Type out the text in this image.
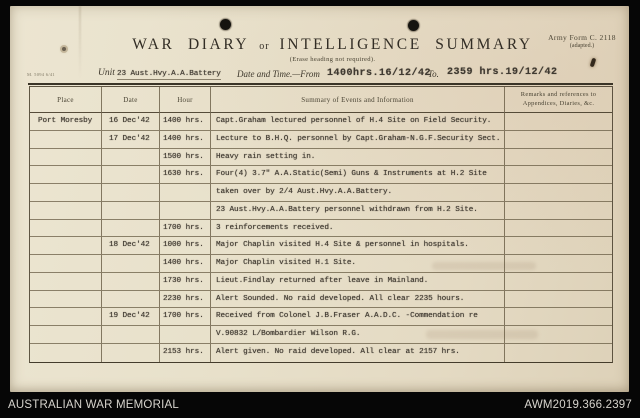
Army Form C. 2118
(adapted.)
WAR DIARY or INTELLIGENCE SUMMARY
(Erase heading not required).
M. 5094 6/41	Unit 23 Aust.Hvy.A.A.Battery Date and Time.—From 1400hrs.16/12/42
To. 2359 hrs.19/12/42
Place	Date	Hour	Summary of Events and Information
Remarks and references to Appendices, Diaries, &c.
Port Moresby	16 Dec'42	1400 hrs.	Capt.Graham lectured personnel of H.4 Site on Field Security.
17 Dec'42	1400 hrs.	Lecture to B.H.Q. personnel by Capt.Graham-N.G.F.Security Sect.
1500 hrs.	Heavy rain setting in.
1630 hrs.	Four(4) 3.7" A.A.Static(Semi) Guns & Instruments at H.2 Site
taken over by 2/4 Aust.Hvy.A.A.Battery.
23 Aust.Hvy.A.A.Battery personnel withdrawn from H.2 Site.
1700 hrs.	3 reinforcements received.
18 Dec'42	1000 hrs.	Major Chaplin visited H.4 Site & personnel in hospitals.
1400 hrs.	Major Chaplin visited H.1 Site.
1730 hrs.	Lieut.Findlay returned after leave in Mainland.
2230 hrs.	Alert Sounded. No raid developed. All clear 2235 hours.
19 Dec'42	1700 hrs.	Received from Colonel J.B.Fraser A.A.D.C. -Commendation re
V.90832 L/Bombardier Wilson R.G.
2153 hrs.	Alert given. No raid developed. All clear at 2157 hrs.
AUSTRALIAN WAR MEMORIAL	AWM2019.366.2397
